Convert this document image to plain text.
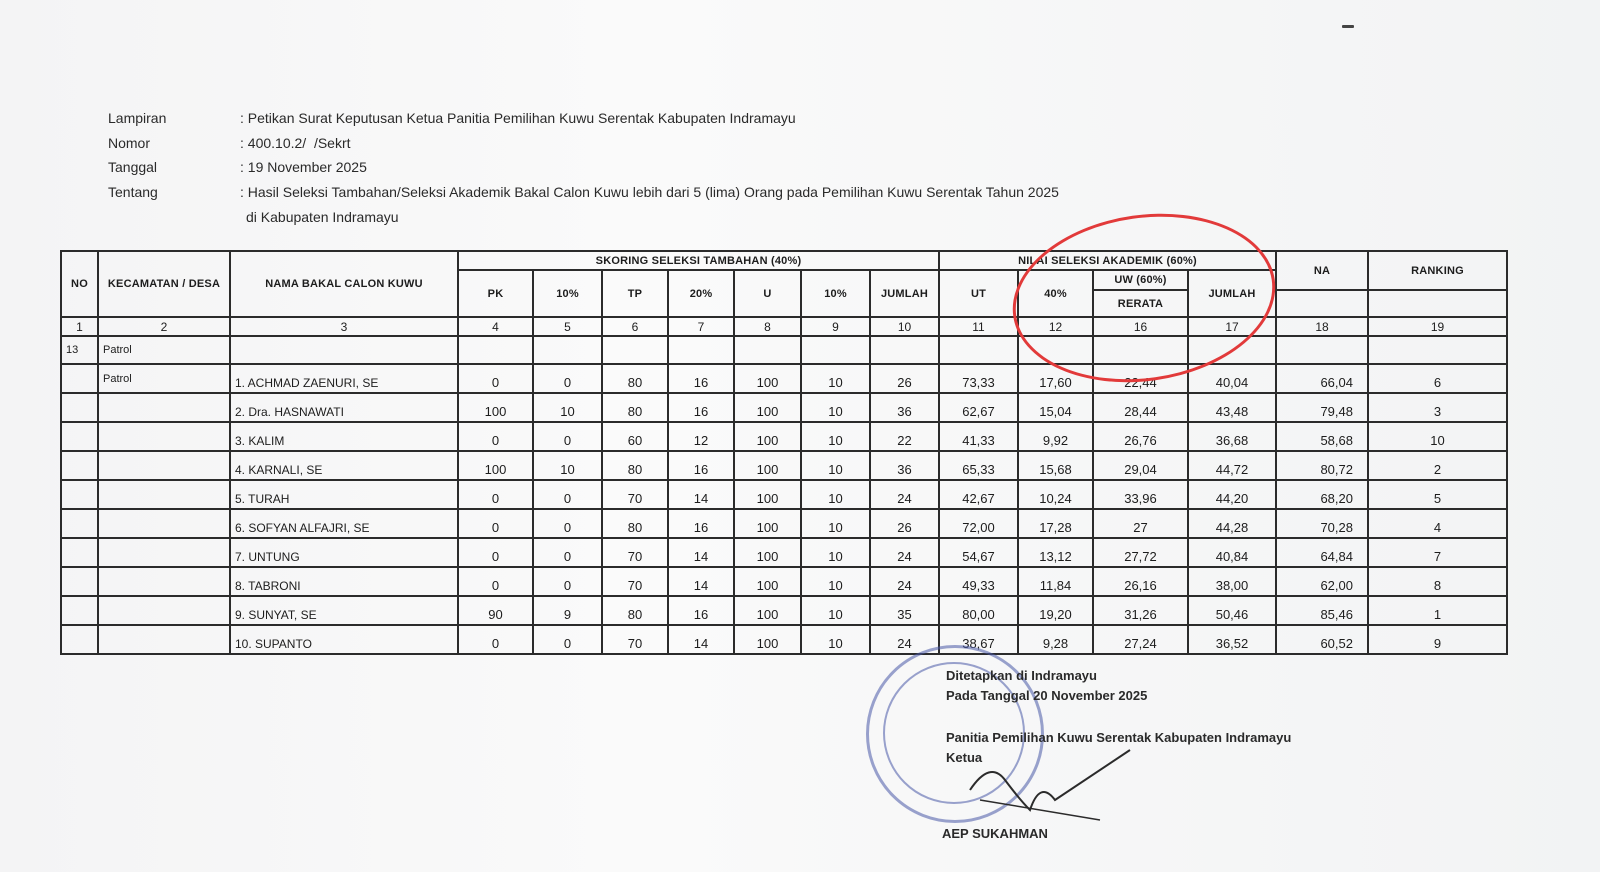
Lampiran	: Petikan Surat Keputusan Ketua Panitia Pemilihan Kuwu Serentak Kabupaten Indramayu
Nomor	: 400.10.2/ ​ /Sekrt
Tanggal	: 19 November 2025
Tentang	: Hasil Seleksi Tambahan/Seleksi Akademik Bakal Calon Kuwu lebih dari 5 (lima) Orang pada Pemilihan Kuwu Serentak Tahun 2025
di Kabupaten Indramayu
NO	KECAMATAN / DESA	NAMA BAKAL CALON KUWU	SKORING SELEKSI TAMBAHAN (40%)							NILAI SELEKSI AKADEMIK (60%)				NA	RANKING
			PK	10%	TP	20%	U	10%	JUMLAH	UT	40%	UW (60%)	JUMLAH		
												RERATA			
1	2	3	4	5	6	7	8	9	10	11	12	16	17	18	19
13	Patrol														
	Patrol	1. ACHMAD ZAENURI, SE	0	0	80	16	100	10	26	73,33	17,60	22,44	40,04	66,04	6
		2. Dra. HASNAWATI	100	10	80	16	100	10	36	62,67	15,04	28,44	43,48	79,48	3
		3. KALIM	0	0	60	12	100	10	22	41,33	9,92	26,76	36,68	58,68	10
		4. KARNALI, SE	100	10	80	16	100	10	36	65,33	15,68	29,04	44,72	80,72	2
		5. TURAH	0	0	70	14	100	10	24	42,67	10,24	33,96	44,20	68,20	5
		6. SOFYAN ALFAJRI, SE	0	0	80	16	100	10	26	72,00	17,28	27	44,28	70,28	4
		7. UNTUNG	0	0	70	14	100	10	24	54,67	13,12	27,72	40,84	64,84	7
		8. TABRONI	0	0	70	14	100	10	24	49,33	11,84	26,16	38,00	62,00	8
		9. SUNYAT, SE	90	9	80	16	100	10	35	80,00	19,20	31,26	50,46	85,46	1
		10. SUPANTO	0	0	70	14	100	10	24	38,67	9,28	27,24	36,52	60,52	9
Ditetapkan di Indramayu
Pada Tanggal 20 November 2025
Panitia Pemilihan Kuwu Serentak Kabupaten Indramayu
Ketua
AEP SUKAHMAN
